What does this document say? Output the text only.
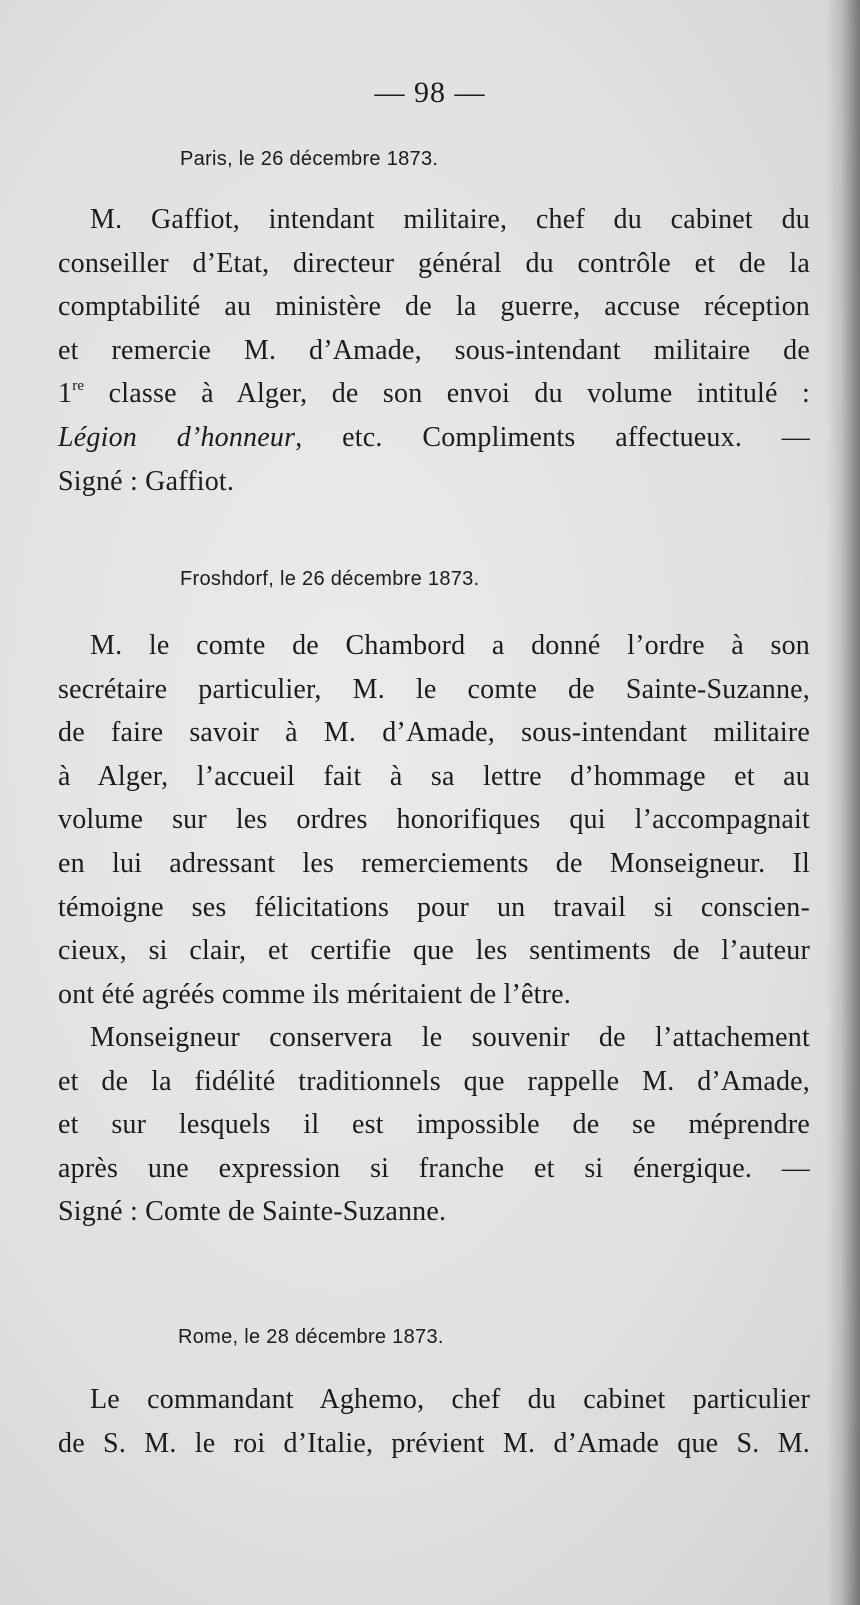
— 98 —
Paris, le 26 décembre 1873.
M. Gaffiot, intendant militaire, chef du cabinet du
conseiller d’Etat, directeur général du contrôle et de la
comptabilité au ministère de la guerre, accuse réception
et remercie M. d’Amade, sous-intendant militaire de
1re classe à Alger, de son envoi du volume intitulé :
Légion d’honneur, etc. Compliments affectueux. —
Signé : Gaffiot.
Froshdorf, le 26 décembre 1873.
M. le comte de Chambord a donné l’ordre à son
secrétaire particulier, M. le comte de Sainte-Suzanne,
de faire savoir à M. d’Amade, sous-intendant militaire
à Alger, l’accueil fait à sa lettre d’hommage et au
volume sur les ordres honorifiques qui l’accompagnait
en lui adressant les remerciements de Monseigneur. Il
témoigne ses félicitations pour un travail si conscien-
cieux, si clair, et certifie que les sentiments de l’auteur
ont été agréés comme ils méritaient de l’être.
Monseigneur conservera le souvenir de l’attachement
et de la fidélité traditionnels que rappelle M. d’Amade,
et sur lesquels il est impossible de se méprendre
après une expression si franche et si énergique. —
Signé : Comte de Sainte-Suzanne.
Rome, le 28 décembre 1873.
Le commandant Aghemo, chef du cabinet particulier
de S. M. le roi d’Italie, prévient M. d’Amade que S. M.
